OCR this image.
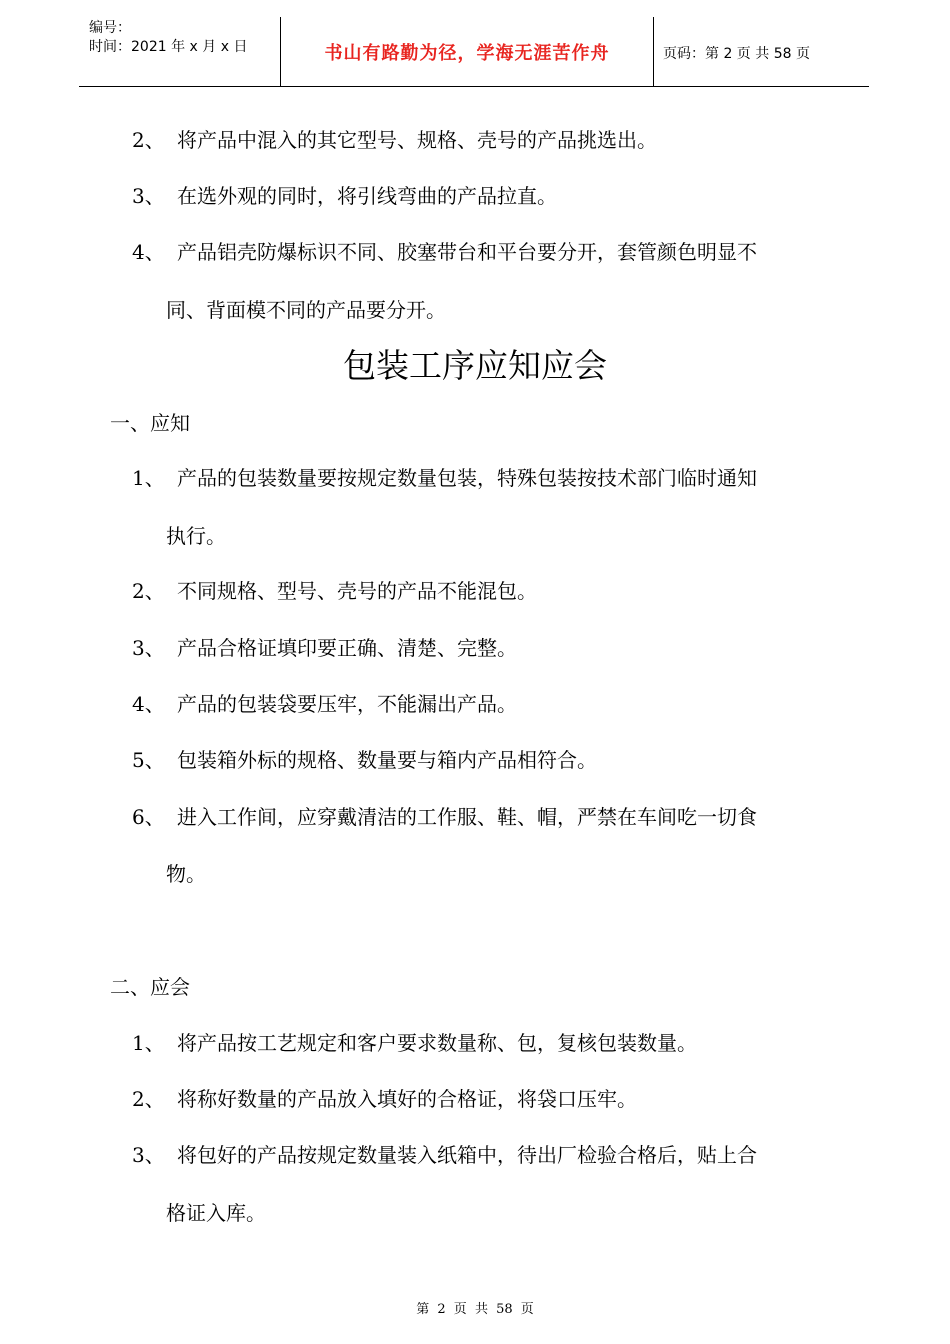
编号：
时间：2021 年 x 月 x 日	书山有路勤为径，学海无涯苦作舟	页码：第 2 页 共 58 页
2、 将产品中混入的其它型号、规格、壳号的产品挑选出。
3、 在选外观的同时，将引线弯曲的产品拉直。
4、 产品铝壳防爆标识不同、胶塞带台和平台要分开，套管颜色明显不
同、背面模不同的产品要分开。
包装工序应知应会
一、应知
1、 产品的包装数量要按规定数量包装，特殊包装按技术部门临时通知
执行。
2、 不同规格、型号、壳号的产品不能混包。
3、 产品合格证填印要正确、清楚、完整。
4、 产品的包装袋要压牢，不能漏出产品。
5、 包装箱外标的规格、数量要与箱内产品相符合。
6、 进入工作间，应穿戴清洁的工作服、鞋、帽，严禁在车间吃一切食
物。
二、应会
1、 将产品按工艺规定和客户要求数量称、包，复核包装数量。
2、 将称好数量的产品放入填好的合格证，将袋口压牢。
3、 将包好的产品按规定数量装入纸箱中，待出厂检验合格后，贴上合
格证入库。
第 2 页 共 58 页
